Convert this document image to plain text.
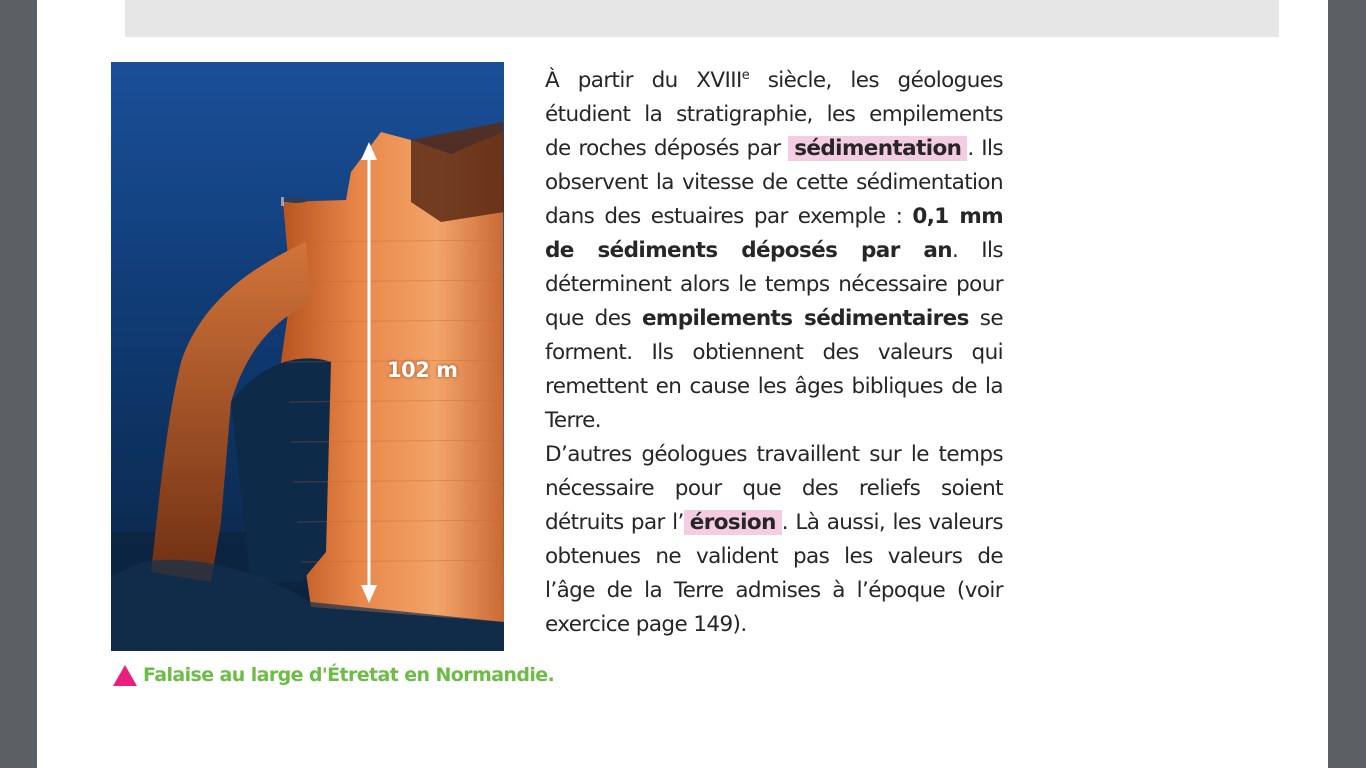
102 m

À partir du XVIIIe siècle, les géologues étudient la stratigraphie, les empilements de roches déposés par sédimentation . Ils observent la vitesse de cette sédimentation dans des estuaires par exemple : 0,1 mm de sédiments déposés par an. Ils déterminent alors le temps nécessaire pour que des empilements sédimentaires se forment. Ils obtiennent des valeurs qui remettent en cause les âges bibliques de la Terre.

D’autres géologues travaillent sur le temps nécessaire pour que des reliefs soient détruits par l’ érosion . Là aussi, les valeurs obtenues ne valident pas les valeurs de l’âge de la Terre admises à l’époque (voir exercice page 149).

Falaise au large d'Étretat en Normandie.
